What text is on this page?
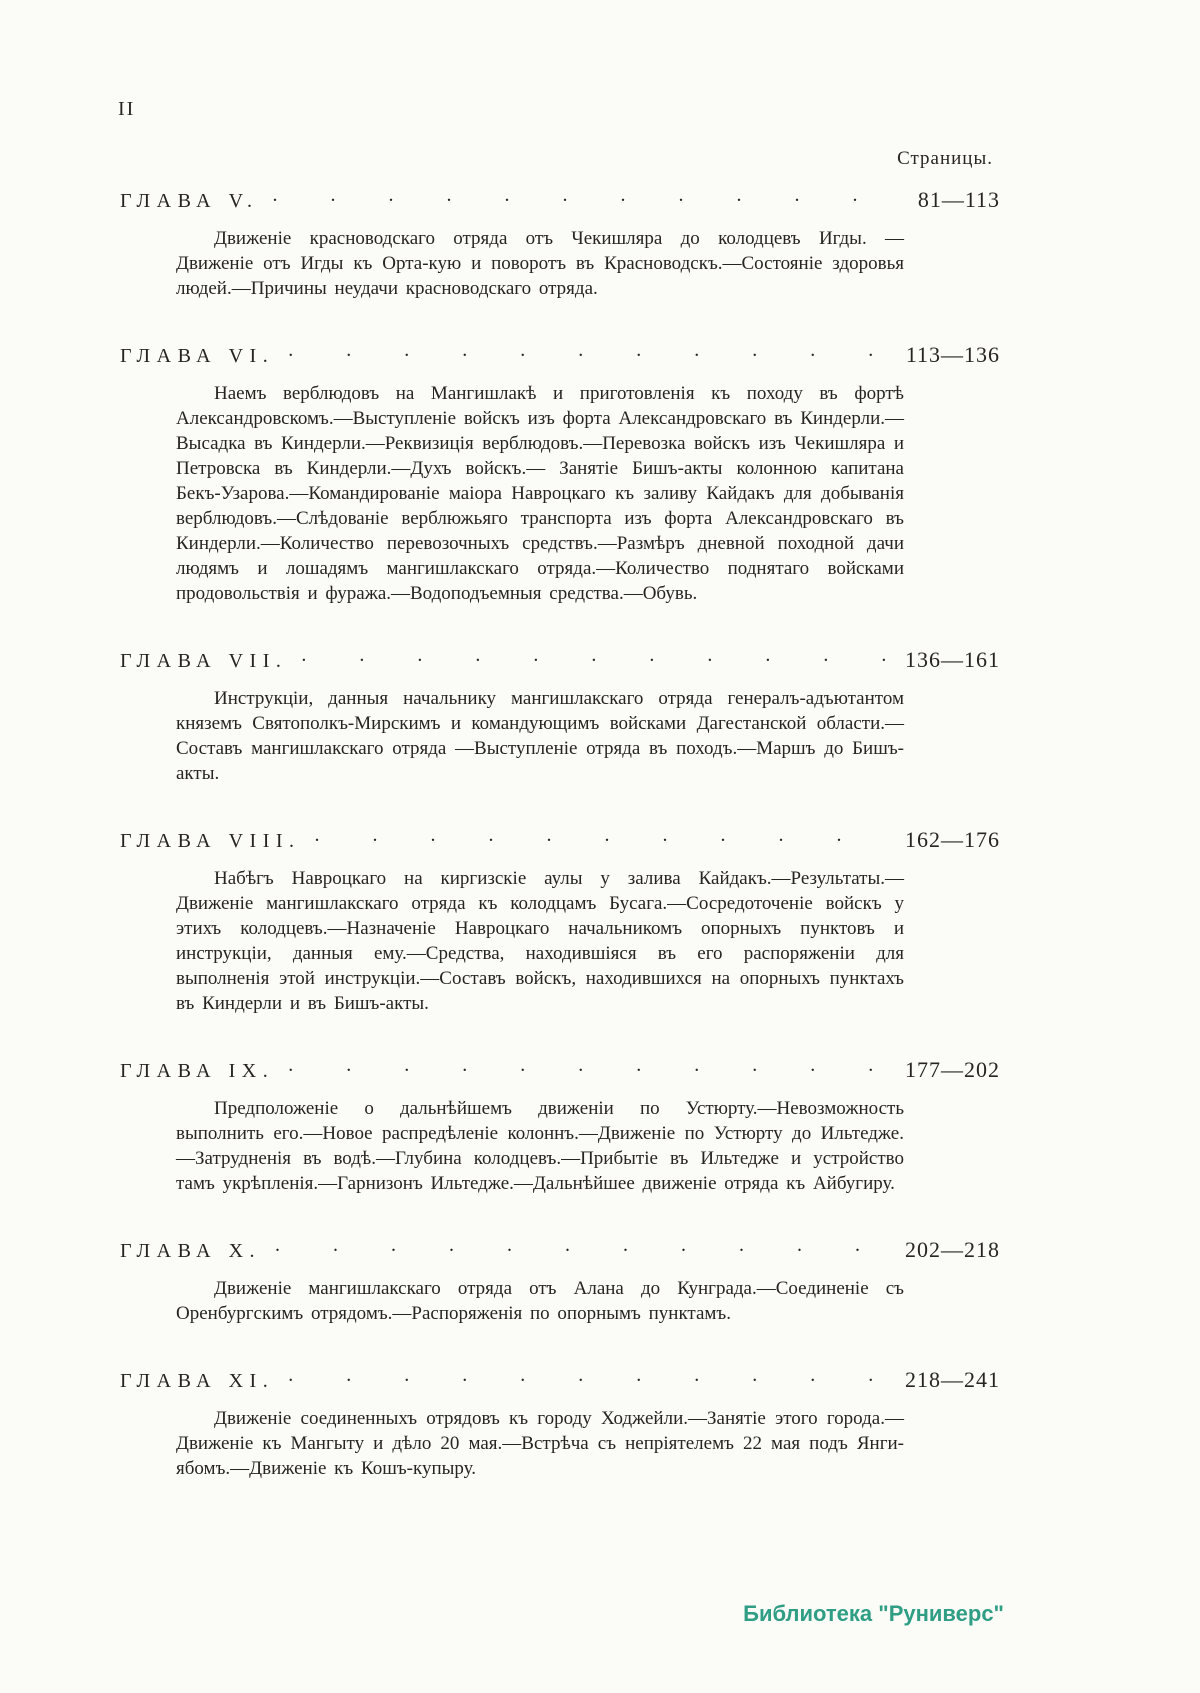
II
Страницы.
ГЛАВА V. . . .	81—113

Движеніе красноводскаго отряда отъ Чекишляра до колодцевъ Игды. — Движеніе отъ Игды къ Орта-кую и поворотъ въ Красноводскъ.—Состояніе здоровья людей.—Причины неудачи красноводскаго отряда.

ГЛАВА VI. . . .	113—136

Наемъ верблюдовъ на Мангишлакѣ и приготовленія къ походу въ фортѣ Александровскомъ.—Выступленіе войскъ изъ форта Александровскаго въ Киндерли.—Высадка въ Киндерли.—Реквизиція верблюдовъ.—Перевозка войскъ изъ Чекишляра и Петровска въ Киндерли.—Духъ войскъ.— Занятіе Бишъ-акты колонною капитана Бекъ-Узарова.—Командированіе маіора Навроцкаго къ заливу Кайдакъ для добыванія верблюдовъ.—Слѣдованіе верблюжьяго транспорта изъ форта Александровскаго въ Киндерли.—Количество перевозочныхъ средствъ.—Размѣръ дневной походной дачи людямъ и лошадямъ мангишлакскаго отряда.—Количество поднятаго войсками продовольствія и фуража.—Водоподъемныя средства.—Обувь.

ГЛАВА VII. . . .	136—161

Инструкціи, данныя начальнику мангишлакскаго отряда генералъ-адъютантом княземъ Святополкъ-Мирскимъ и командующимъ войсками Дагестанской области.—Составъ мангишлакскаго отряда —Выступленіе отряда въ походъ.—Маршъ до Бишъ-акты.

ГЛАВА VIII. . . .	162—176

Набѣгъ Навроцкаго на киргизскіе аулы у залива Кайдакъ.—Результаты.— Движеніе мангишлакскаго отряда къ колодцамъ Бусага.—Сосредоточеніе войскъ у этихъ колодцевъ.—Назначеніе Навроцкаго начальникомъ опорныхъ пунктовъ и инструкціи, данныя ему.—Средства, находившіяся въ его распоряженіи для выполненія этой инструкціи.—Составъ войскъ, находившихся на опорныхъ пунктахъ въ Киндерли и въ Бишъ-акты.

ГЛАВА IX. . . .	177—202

Предположеніе о дальнѣйшемъ движеніи по Устюрту.—Невозможность выполнить его.—Новое распредѣленіе колоннъ.—Движеніе по Устюрту до Ильтедже.—Затрудненія въ водѣ.—Глубина колодцевъ.—Прибытіе въ Ильтедже и устройство тамъ укрѣпленія.—Гарнизонъ Ильтедже.—Дальнѣйшее движеніе отряда къ Айбугиру.

ГЛАВА X. . . .	202—218

Движеніе мангишлакскаго отряда отъ Алана до Кунграда.—Соединеніе съ Оренбургскимъ отрядомъ.—Распоряженія по опорнымъ пунктамъ.

ГЛАВА XI. . . .	218—241

Движеніе соединенныхъ отрядовъ къ городу Ходжейли.—Занятіе этого города.—Движеніе къ Мангыту и дѣло 20 мая.—Встрѣча съ непріятелемъ 22 мая подъ Янги-ябомъ.—Движеніе къ Кошъ-купыру.

Библиотека "Руниверс"
